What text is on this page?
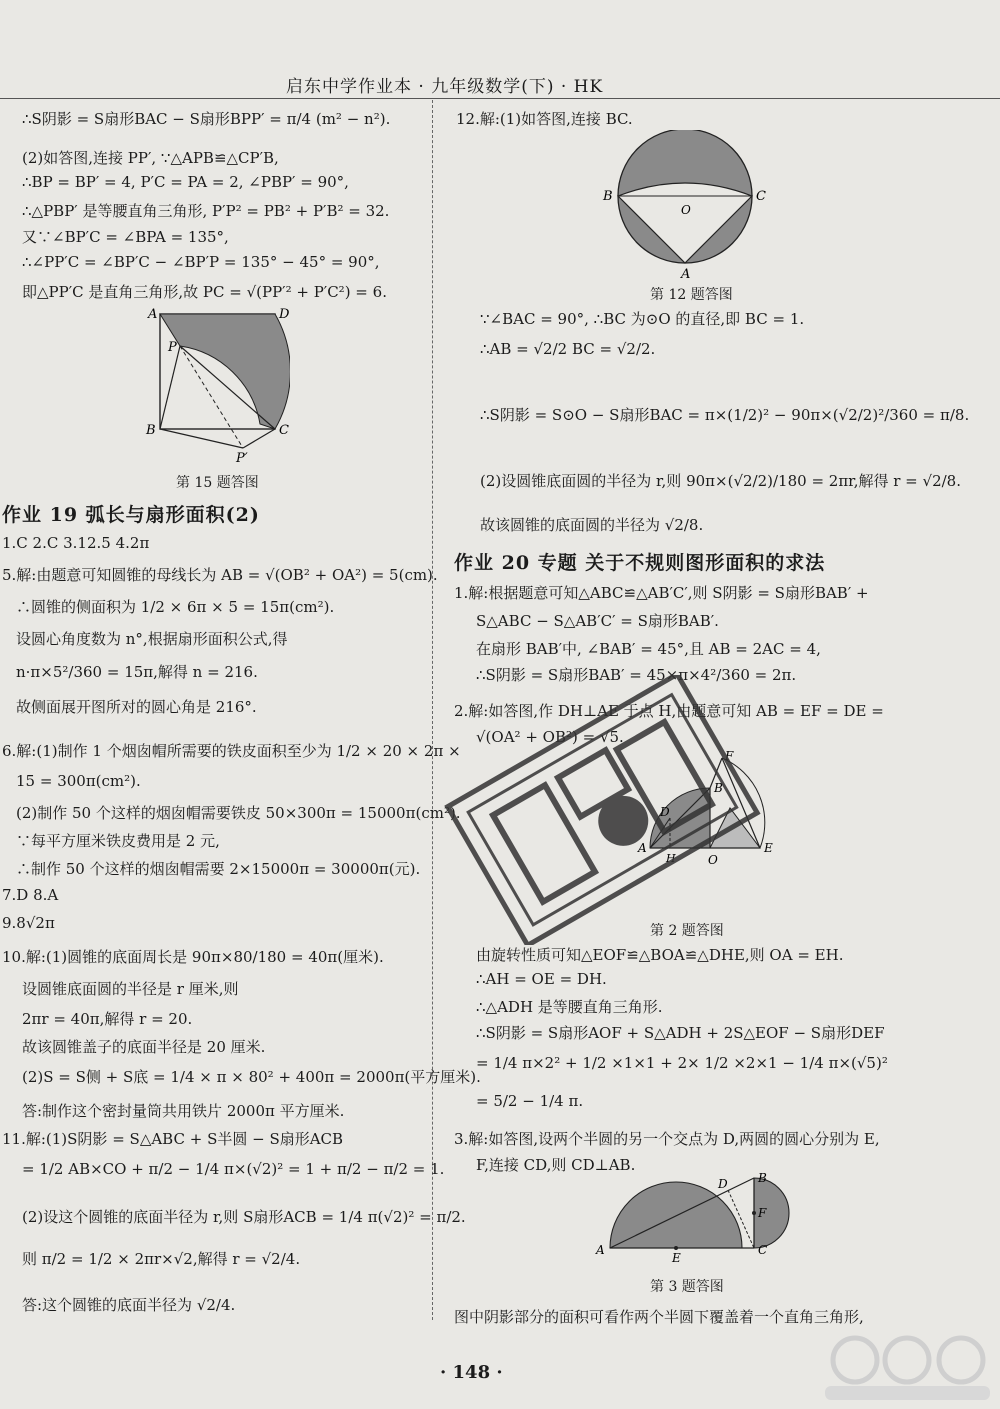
启东中学作业本 · 九年级数学(下) · HK
∴S阴影 = S扇形BAC − S扇形BPP′ = π/4 (m² − n²).
(2)如答图,连接 PP′, ∵△APB≌△CP′B,
∴BP = BP′ = 4, P′C = PA = 2, ∠PBP′ = 90°,
∴△PBP′ 是等腰直角三角形, P′P² = PB² + P′B² = 32.
又∵∠BP′C = ∠BPA = 135°,
∴∠PP′C = ∠BP′C − ∠BP′P = 135° − 45° = 90°,
即△PP′C 是直角三角形,故 PC = √(PP′² + P′C²) = 6.
A	D
P
B	C
P′
第 15 题答图
作业 19 弧长与扇形面积(2)
1.C 2.C 3.12.5 4.2π
5.解:由题意可知圆锥的母线长为 AB = √(OB² + OA²) = 5(cm).
∴圆锥的侧面积为 1/2 × 6π × 5 = 15π(cm²).
设圆心角度数为 n°,根据扇形面积公式,得
n·π×5²/360 = 15π,解得 n = 216.
故侧面展开图所对的圆心角是 216°.
6.解:(1)制作 1 个烟囱帽所需要的铁皮面积至少为 1/2 × 20 × 2π ×
15 = 300π(cm²).
(2)制作 50 个这样的烟囱帽需要铁皮 50×300π = 15000π(cm²).
∵每平方厘米铁皮费用是 2 元,
∴制作 50 个这样的烟囱帽需要 2×15000π = 30000π(元).
7.D 8.A
9.8√2π
10.解:(1)圆锥的底面周长是 90π×80/180 = 40π(厘米).
设圆锥底面圆的半径是 r 厘米,则
2πr = 40π,解得 r = 20.
故该圆锥盖子的底面半径是 20 厘米.
(2)S = S侧 + S底 = 1/4 × π × 80² + 400π = 2000π(平方厘米).
答:制作这个密封量筒共用铁片 2000π 平方厘米.
11.解:(1)S阴影 = S△ABC + S半圆 − S扇形ACB
= 1/2 AB×CO + π/2 − 1/4 π×(√2)² = 1 + π/2 − π/2 = 1.
(2)设这个圆锥的底面半径为 r,则 S扇形ACB = 1/4 π(√2)² = π/2.
则 π/2 = 1/2 × 2πr×√2,解得 r = √2/4.
答:这个圆锥的底面半径为 √2/4.
12.解:(1)如答图,连接 BC.
B	C
O
A
第 12 题答图
∵∠BAC = 90°, ∴BC 为⊙O 的直径,即 BC = 1.
∴AB = √2/2 BC = √2/2.
∴S阴影 = S⊙O − S扇形BAC = π×(1/2)² − 90π×(√2/2)²/360 = π/8.
(2)设圆锥底面圆的半径为 r,则 90π×(√2/2)/180 = 2πr,解得 r = √2/8.
故该圆锥的底面圆的半径为 √2/8.
作业 20 专题 关于不规则图形面积的求法
1.解:根据题意可知△ABC≌△AB′C′,则 S阴影 = S扇形BAB′ +
S△ABC − S△AB′C′ = S扇形BAB′.
在扇形 BAB′中, ∠BAB′ = 45°,且 AB = 2AC = 4,
∴S阴影 = S扇形BAB′ = 45×π×4²/360 = 2π.
2.解:如答图,作 DH⊥AE 于点 H,由题意可知 AB = EF = DE =
√(OA² + OB²) = √5.
F
B
A
O
E
D
H
第 2 题答图
由旋转性质可知△EOF≌△BOA≌△DHE,则 OA = EH.
∴AH = OE = DH.
∴△ADH 是等腰直角三角形.
∴S阴影 = S扇形AOF + S△ADH + 2S△EOF − S扇形DEF
= 1/4 π×2² + 1/2 ×1×1 + 2× 1/2 ×2×1 − 1/4 π×(√5)²
= 5/2 − 1/4 π.
3.解:如答图,设两个半圆的另一个交点为 D,两圆的圆心分别为 E,
F,连接 CD,则 CD⊥AB.
A
B
C
D
E
F
第 3 题答图
图中阴影部分的面积可看作两个半圆下覆盖着一个直角三角形,
· 148 ·
